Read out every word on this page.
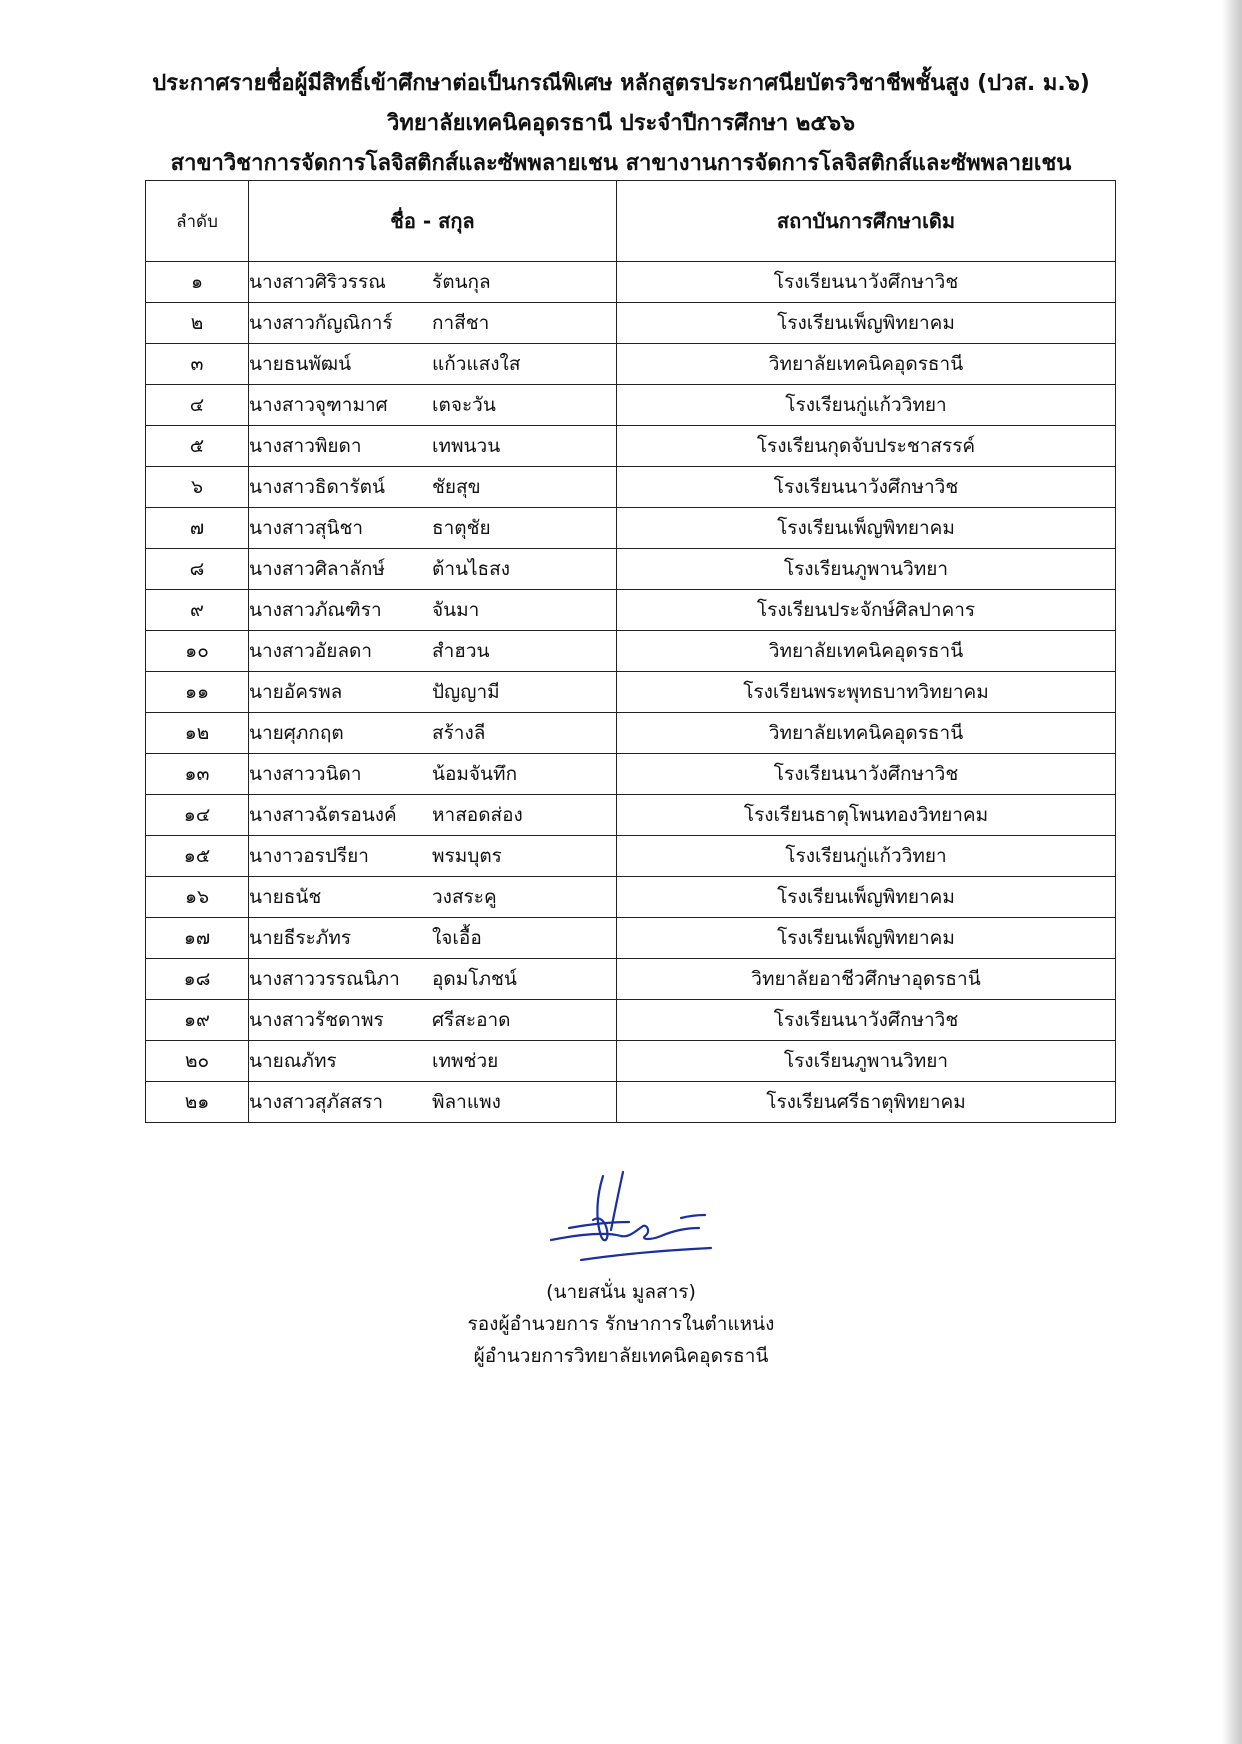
ประกาศรายชื่อผู้มีสิทธิ์เข้าศึกษาต่อเป็นกรณีพิเศษ หลักสูตรประกาศนียบัตรวิชาชีพชั้นสูง (ปวส. ม.๖)
วิทยาลัยเทคนิคอุดรธานี ประจำปีการศึกษา ๒๕๖๖
สาขาวิชาการจัดการโลจิสติกส์และซัพพลายเชน สาขางานการจัดการโลจิสติกส์และซัพพลายเชน
ลำดับ	ชื่อ - สกุล	สถาบันการศึกษาเดิม
๑	นางสาวศิริวรรณ รัตนกุล	โรงเรียนนาวังศึกษาวิช
๒	นางสาวกัญณิการ์ กาสีชา	โรงเรียนเพ็ญพิทยาคม
๓	นายธนพัฒน์ แก้วแสงใส	วิทยาลัยเทคนิคอุดรธานี
๔	นางสาวจุฑามาศ เตจะวัน	โรงเรียนกู่แก้ววิทยา
๕	นางสาวพิยดา เทพนวน	โรงเรียนกุดจับประชาสรรค์
๖	นางสาวธิดารัตน์ ชัยสุข	โรงเรียนนาวังศึกษาวิช
๗	นางสาวสุนิชา ธาตุชัย	โรงเรียนเพ็ญพิทยาคม
๘	นางสาวศิลาลักษ์ ต้านไธสง	โรงเรียนภูพานวิทยา
๙	นางสาวภัณฑิรา จันมา	โรงเรียนประจักษ์ศิลปาคาร
๑๐	นางสาวอัยลดา สำฮวน	วิทยาลัยเทคนิคอุดรธานี
๑๑	นายอัครพล ปัญญามี	โรงเรียนพระพุทธบาทวิทยาคม
๑๒	นายศุภกฤต สร้างลี	วิทยาลัยเทคนิคอุดรธานี
๑๓	นางสาววนิดา น้อมจันทึก	โรงเรียนนาวังศึกษาวิช
๑๔	นางสาวฉัตรอนงค์ หาสอดส่อง	โรงเรียนธาตุโพนทองวิทยาคม
๑๕	นางาวอรปรียา พรมบุตร	โรงเรียนกู่แก้ววิทยา
๑๖	นายธนัช วงสระคู	โรงเรียนเพ็ญพิทยาคม
๑๗	นายธีระภัทร ใจเอื้อ	โรงเรียนเพ็ญพิทยาคม
๑๘	นางสาววรรณนิภา อุดมโภชน์	วิทยาลัยอาชีวศึกษาอุดรธานี
๑๙	นางสาวรัชดาพร ศรีสะอาด	โรงเรียนนาวังศึกษาวิช
๒๐	นายณภัทร เทพช่วย	โรงเรียนภูพานวิทยา
๒๑	นางสาวสุภัสสรา พิลาแพง	โรงเรียนศรีธาตุพิทยาคม
(นายสนั่น มูลสาร)
รองผู้อำนวยการ รักษาการในตำแหน่ง
ผู้อำนวยการวิทยาลัยเทคนิคอุดรธานี
